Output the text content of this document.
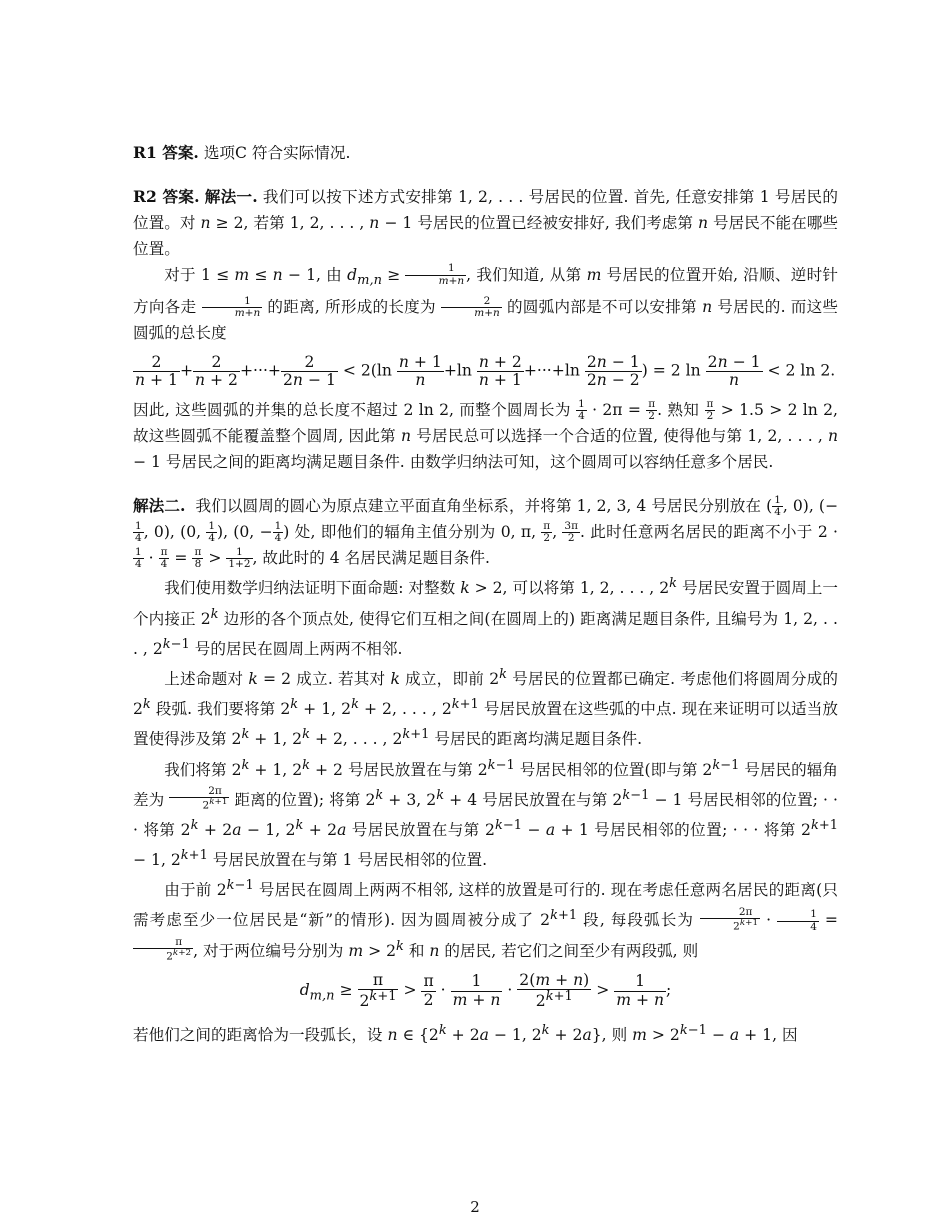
R1 答案. 选项C 符合实际情况.

R2 答案. 解法一. 我们可以按下述方式安排第 1, 2, . . . 号居民的位置. 首先, 任意安排第 1 号居民的位置。对 n ≥ 2, 若第 1, 2, . . . , n − 1 号居民的位置已经被安排好, 我们考虑第 n 号居民不能在哪些位置。

对于 1 ≤ m ≤ n − 1, 由 $d_{m,n} \ge \frac{1}{m+n}$ , 我们知道, 从第 m 号居民的位置开始, 沿顺、逆时针方向各走 $\frac{1}{m+n}$ 的距离, 所形成的长度为 $\frac{2}{m+n}$ 的圆弧内部是不可以安排第 n 号居民的. 而这些圆弧的总长度

$\frac{2}{n + 1} + \frac{2}{n + 2}$ +···+ $\frac{2}{2n - 1} < 2(\ln \frac{n + 1}{n} +\ln \frac{n + 2}{n + 1} +\cdot\cdot\cdot+\ln \frac{2n - 1}{2n - 2}$ ) = 2 $\ln \frac{2n - 1}{n} < 2$ ln 2.

因此, 这些圆弧的并集的总长度不超过 2 ln 2, 而整个圆周长为 $\frac{1}{4} \cdot 2\pi = \frac{\pi}{2}$ . 熟知 $\frac{\pi}{2} > 1.5 > 2$ ln 2, 故这些圆弧不能覆盖整个圆周, 因此第 n 号居民总可以选择一个合适的位置, 使得他与第 1, 2, . . . , n − 1 号居民之间的距离均满足题目条件. 由数学归纳法可知，这个圆周可以容纳任意多个居民.

解法二.  我们以圆周的圆心为原点建立平面直角坐标系，并将第 1, 2, 3, 4 号居民分别放在 ( $\frac{1}{4}$ , 0), (−
$\frac{1}{4}$ , 0), (0, $\frac{1}{4}$ ), (0, − $\frac{1}{4}$ ) 处, 即他们的辐角主值分别为 0, π, $\frac{\pi}{2}$ , $\frac{3\pi}{2}$ . 此时任意两名居民的距离不小于 2 ·
$\frac{1}{4} \cdot \frac{\pi}{4} = \frac{\pi}{8} > \frac{1}{1+2}$ , 故此时的 4 名居民满足题目条件.

我们使用数学归纳法证明下面命题: 对整数 k > 2, 可以将第 1, 2, . . . , 2$^k$ 号居民安置于圆周上一个内接正 2$^k$ 边形的各个顶点处, 使得它们互相之间(在圆周上的) 距离满足题目条件, 且编号为 1, 2, . . . , $2^{k-1}$ 号的居民在圆周上两两不相邻.

上述命题对 k = 2 成立. 若其对 k 成立，即前 2$^k$ 号居民的位置都已确定. 考虑他们将圆周分成的 2$^k$ 段弧. 我们要将第 $2^k + 1$, $2^k + 2$, . . . , $2^{k+1}$ 号居民放置在这些弧的中点. 现在来证明可以适当放置使得涉及第 $2^k + 1$, $2^k + 2$, . . . , $2^{k+1}$ 号居民的距离均满足题目条件.

我们将第 $2^k + 1$, $2^k + 2$ 号居民放置在与第 $2^{k-1}$ 号居民相邻的位置(即与第 $2^{k-1}$ 号居民的辐角差为 $\frac{2\pi}{2^{k+1}}$ 距离的位置); 将第 $2^k + 3$, $2^k + 4$ 号居民放置在与第 $2^{k-1} - 1$ 号居民相邻的位置; · · · 将第 $2^k + 2a - 1$, $2^k + 2a$ 号居民放置在与第 $2^{k-1} - a + 1$ 号居民相邻的位置; · · · 将第 $2^{k+1} - 1$, $2^{k+1}$ 号居民放置在与第 1 号居民相邻的位置.

由于前 $2^{k-1}$ 号居民在圆周上两两不相邻, 这样的放置是可行的. 现在考虑任意两名居民的距离(只需考虑至少一位居民是“新”的情形). 因为圆周被分成了 $2^{k+1}$ 段, 每段弧长为 $\frac{2\pi}{2^{k+1}} \cdot \frac{1}{4}$ =
$\frac{\pi}{2^{k+2}}$ , 对于两位编号分别为 $m > 2^k$ 和 n 的居民, 若它们之间至少有两段弧, 则

$d_{m,n} \ge \frac{\pi}{2^{k+1}} > \frac{\pi}{2} \cdot \frac{1}{m + n} \cdot \frac{2(m + n)}{2^{k+1}} > \frac{1}{m + n}$ ;

若他们之间的距离恰为一段弧长，设 n ∈ {$2^k + 2a - 1$, $2^k + 2a$}, 则 $m > 2^{k-1} - a + 1$, 因

2
